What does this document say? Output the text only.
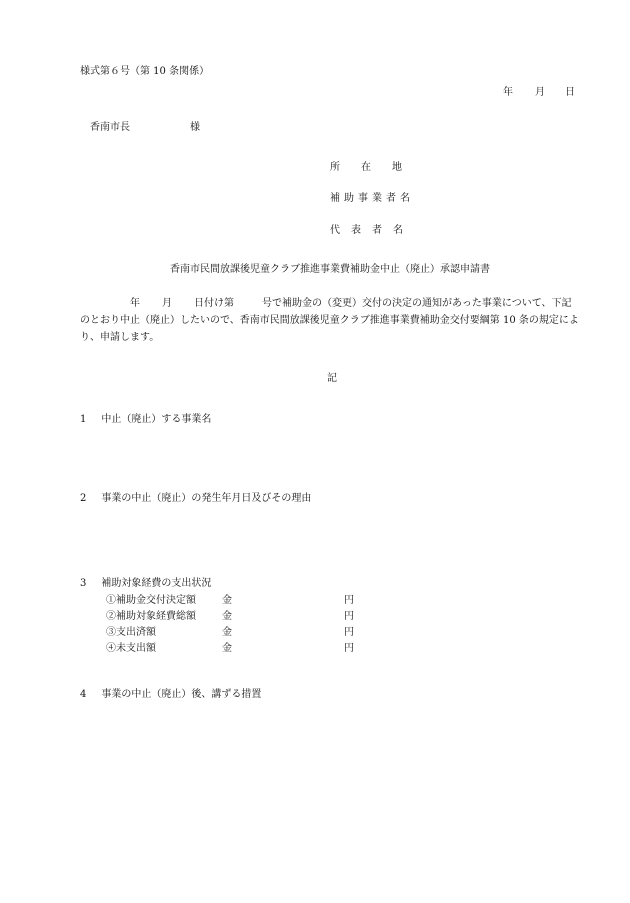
様式第６号（第 10 条関係）
年 月 日
香南市長	様
所在地
補助事業者名
代表者名
香南市民間放課後児童クラブ推進事業費補助金中止（廃止）承認申請書
年 月 日付け第	号で補助金の（変更）交付の決定の通知があった事業について、下記のとおり中止（廃止）したいので、香南市民間放課後児童クラブ推進事業費補助金交付要綱第 10 条の規定により、申請します。
記
1 中止（廃止）する事業名
2 事業の中止（廃止）の発生年月日及びその理由
3 補助対象経費の支出状況
①補助金交付決定額	金	円
②補助対象経費総額	金	円
③支出済額	金	円
④未支出額	金	円
4 事業の中止（廃止）後、講ずる措置
